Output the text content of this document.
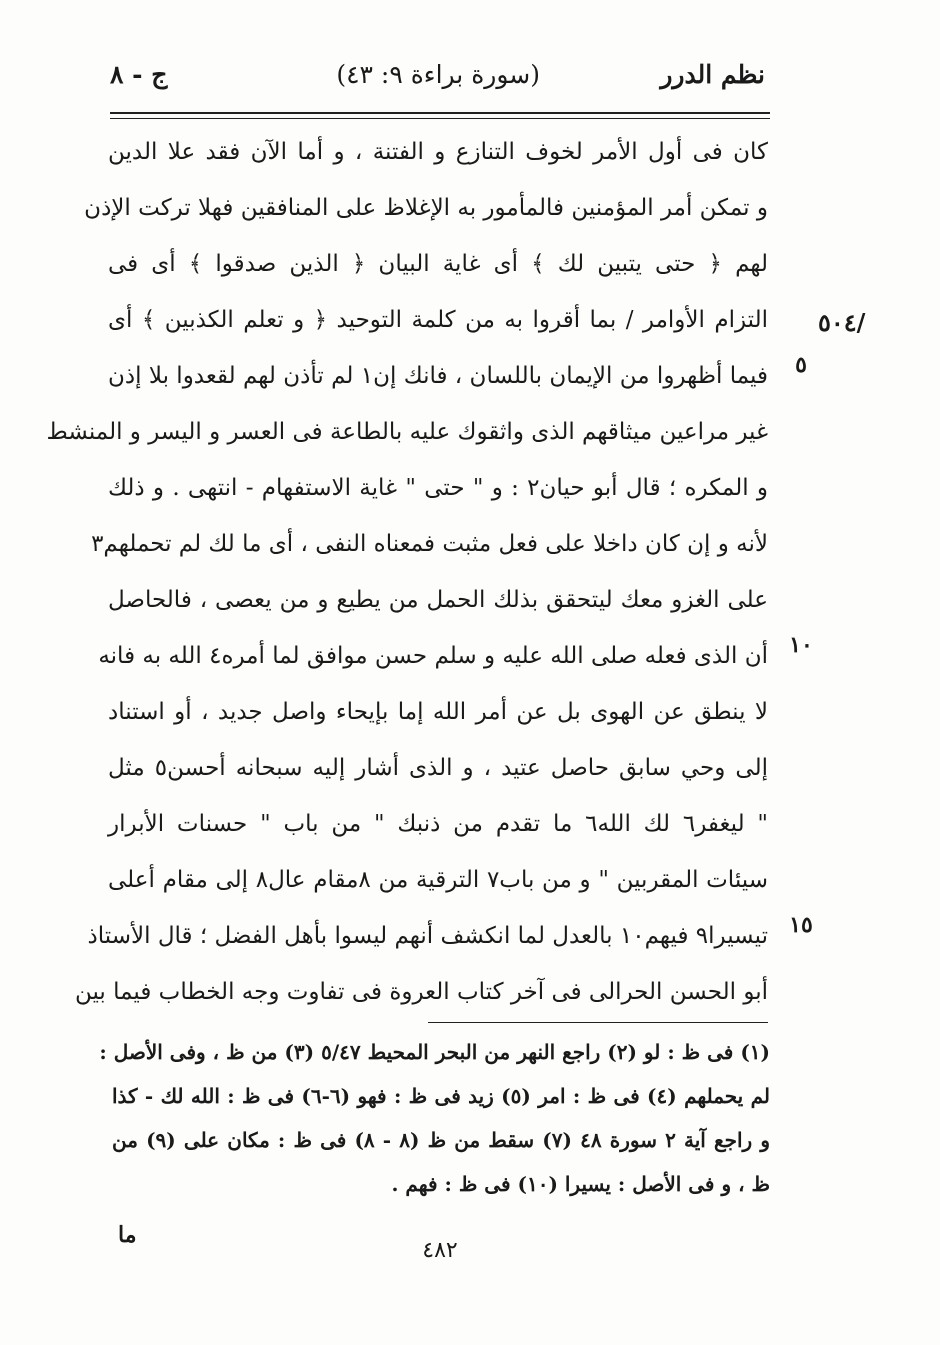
نظم الدرر
(سورة براءة ٩: ٤٣)
ج - ٨
/٥٠٤
٥
١٠
١٥
كان فى أول الأمر لخوف التنازع و الفتنة ، و أما الآن فقد علا الدين
و تمكن أمر المؤمنين فالمأمور به الإغلاظ على المنافقين فهلا تركت الإذن
لهم ﴿ حتى يتبين لك ﴾ أى غاية البيان ﴿ الذين صدقوا ﴾ أى فى
التزام الأوامر / بما أقروا به من كلمة التوحيد ﴿ و تعلم الكذبين ﴾ أى
فيما أظهروا من الإيمان باللسان ، فانك إن١ لم تأذن لهم لقعدوا بلا إذن
غير مراعين ميثاقهم الذى واثقوك عليه بالطاعة فى العسر و اليسر و المنشط
و المكره ؛ قال أبو حيان٢ : و " حتى " غاية الاستفهام - انتهى . و ذلك
لأنه و إن كان داخلا على فعل مثبت فمعناه النفى ، أى ما لك لم تحملهم٣
على الغزو معك ليتحقق بذلك الحمل من يطيع و من يعصى ، فالحاصل
أن الذى فعله صلى الله عليه و سلم حسن موافق لما أمره٤ الله به فانه
لا ينطق عن الهوى بل عن أمر الله إما بإيحاء واصل جديد ، أو استناد
إلى وحي سابق حاصل عتيد ، و الذى أشار إليه سبحانه أحسن٥ مثل
" ليغفر٦ لك الله٦ ما تقدم من ذنبك " من باب " حسنات الأبرار
سيئات المقربين " و من باب٧ الترقية من ٨مقام عال٨ إلى مقام أعلى
تيسيرا٩ فيهم١٠ بالعدل لما انكشف أنهم ليسوا بأهل الفضل ؛ قال الأستاذ
أبو الحسن الحرالى فى آخر كتاب العروة فى تفاوت وجه الخطاب فيما بين
(١) فى ظ : لو (٢) راجع النهر من البحر المحيط ٥/٤٧ (٣) من ظ ، وفى الأصل :
لم يحملهم (٤) فى ظ : امر (٥) زيد فى ظ : فهو (٦-٦) فى ظ : الله لك - كذا
و راجع آية ٢ سورة ٤٨ (٧) سقط من ظ (٨ - ٨) فى ظ : مكان على (٩) من
ظ ، و فى الأصل : يسيرا (١٠) فى ظ : فهم .
ما
٤٨٢
